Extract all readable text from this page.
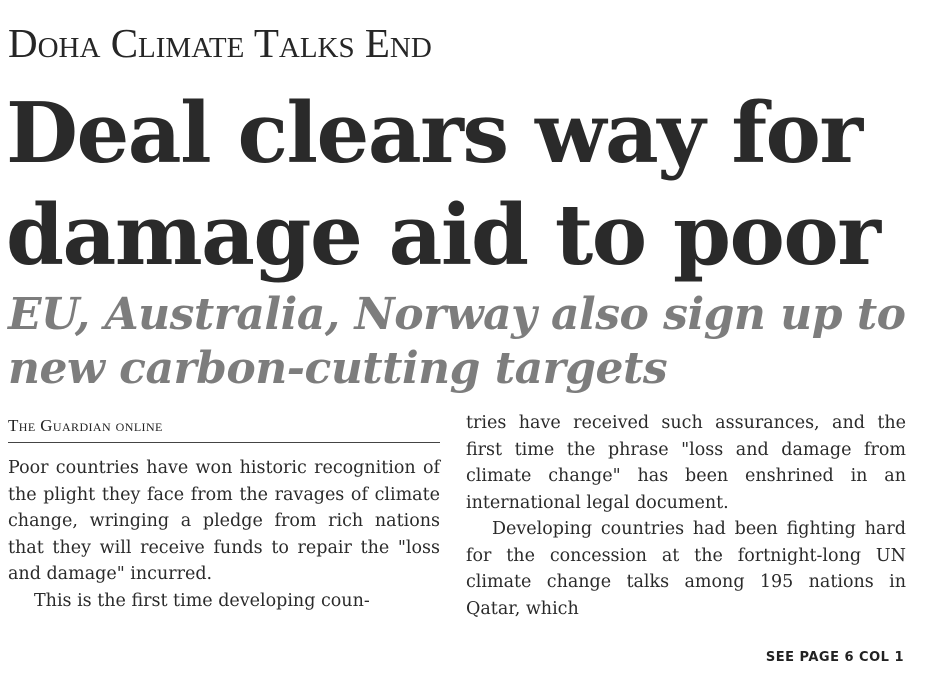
Doha Climate Talks End
Deal clears way for damage aid to poor
EU, Australia, Norway also sign up to new carbon-cutting targets
The Guardian online

Poor countries have won historic recognition of the plight they face from the ravages of climate change, wringing a pledge from rich nations that they will receive funds to repair the "loss and damage" incurred.

This is the first time developing coun-

tries have received such assurances, and the first time the phrase "loss and damage from climate change" has been enshrined in an international legal document.

Developing countries had been fighting hard for the concession at the fortnight-long UN climate change talks among 195 nations in Qatar, which

SEE PAGE 6 COL 1
